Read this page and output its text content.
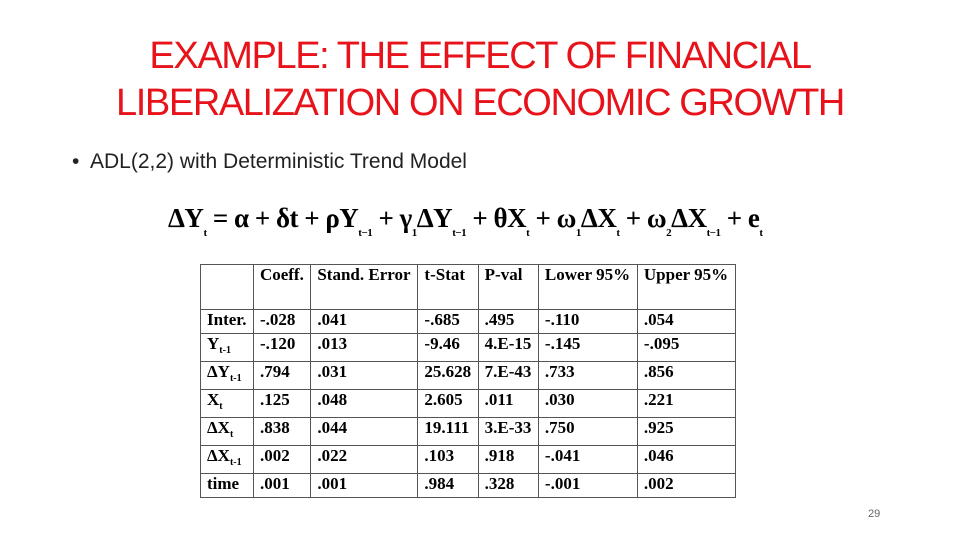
EXAMPLE: THE EFFECT OF FINANCIAL
LIBERALIZATION ON ECONOMIC GROWTH
• ADL(2,2) with Deterministic Trend Model
$\Delta Y_t = \alpha + \delta t + \rho Y_{t-1} + \gamma_1\Delta Y_{t-1} + \theta X_t + \omega_1\Delta X_t + \omega_2\Delta X_{t-1} + e_t$
	Coeff.	Stand. Error	t-Stat	P-val	Lower 95%	Upper 95%
Inter.	-.028	.041	-.685	.495	-.110	.054
$Y_{t-1}$	-.120	.013	-9.46	4.E-15	-.145	-.095
$\Delta Y_{t-1}$	.794	.031	25.628	7.E-43	.733	.856
$X_t$	.125	.048	2.605	.011	.030	.221
$\Delta X_t$	.838	.044	19.111	3.E-33	.750	.925
$\Delta X_{t-1}$	.002	.022	.103	.918	-.041	.046
time	.001	.001	.984	.328	-.001	.002
29
